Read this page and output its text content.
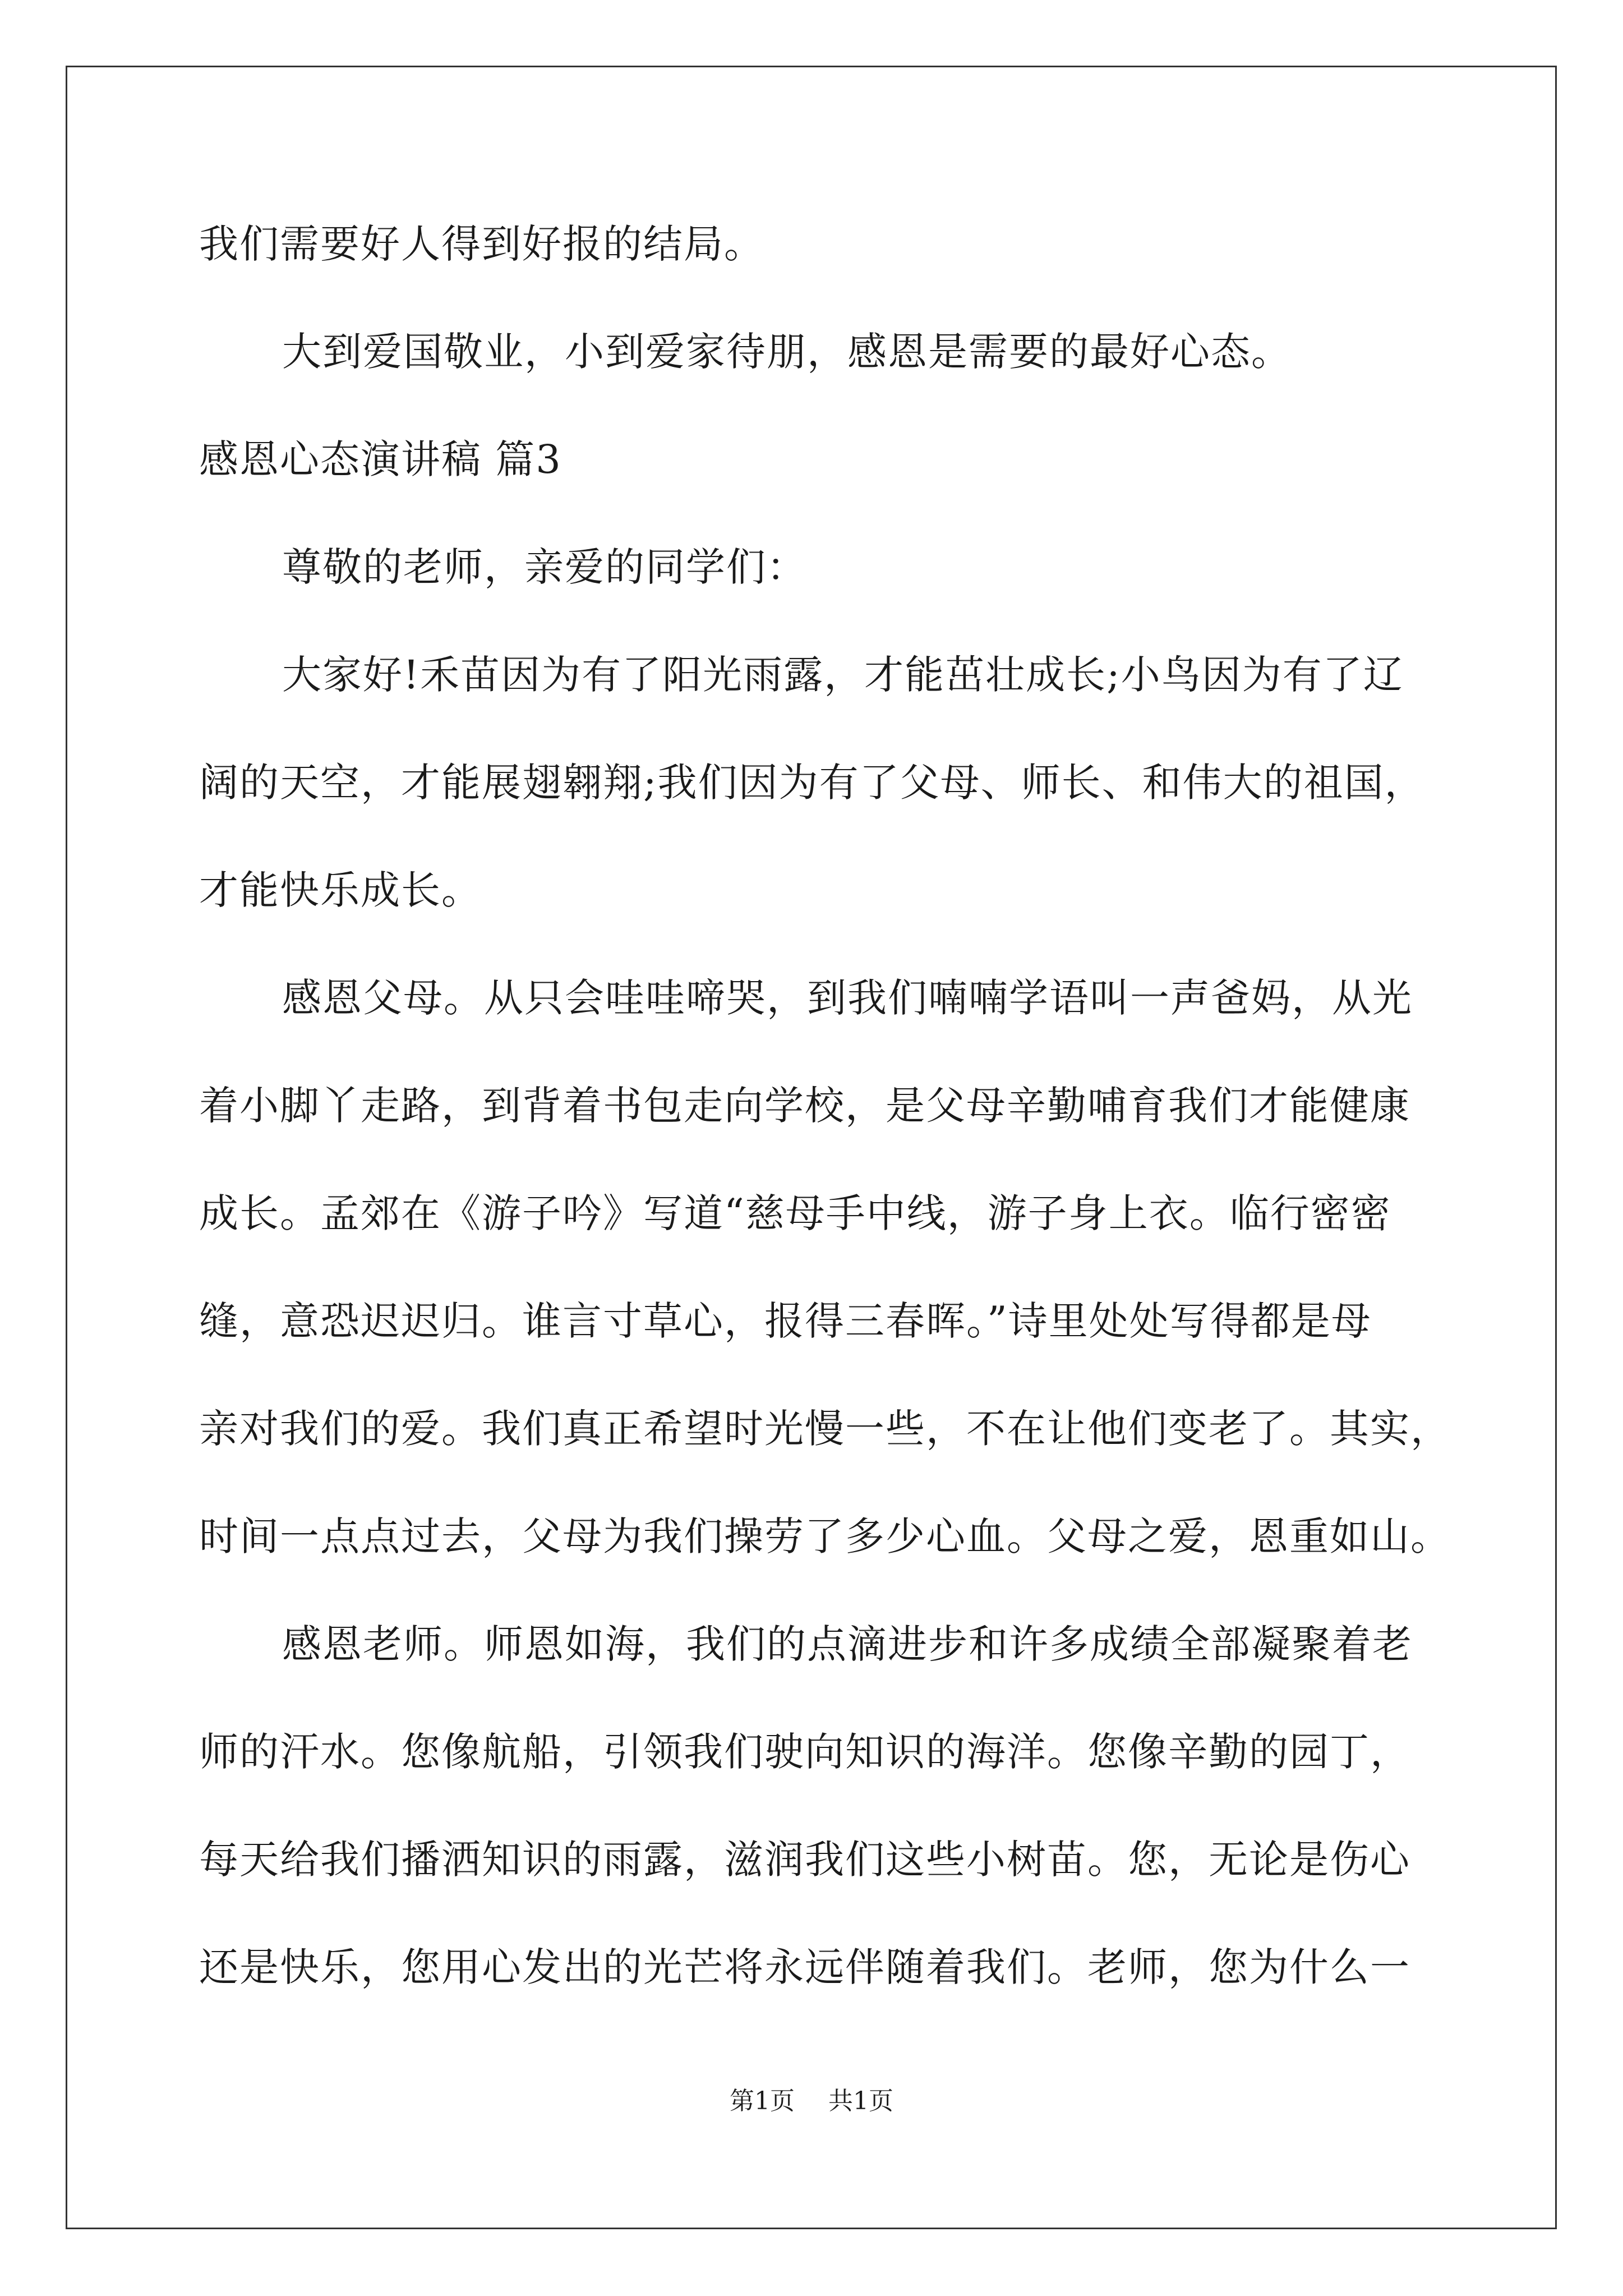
我们需要好人得到好报的结局。
大到爱国敬业，小到爱家待朋，感恩是需要的最好心态。
感恩心态演讲稿 篇3
尊敬的老师，亲爱的同学们：
大家好!禾苗因为有了阳光雨露，才能茁壮成长;小鸟因为有了辽
阔的天空，才能展翅翱翔;我们因为有了父母、师长、和伟大的祖国，
才能快乐成长。
感恩父母。从只会哇哇啼哭，到我们喃喃学语叫一声爸妈，从光
着小脚丫走路，到背着书包走向学校，是父母辛勤哺育我们才能健康
成长。孟郊在《游子吟》写道“慈母手中线，游子身上衣。临行密密
缝，意恐迟迟归。谁言寸草心，报得三春晖。”诗里处处写得都是母
亲对我们的爱。我们真正希望时光慢一些，不在让他们变老了。其实，
时间一点点过去，父母为我们操劳了多少心血。父母之爱，恩重如山。
感恩老师。师恩如海，我们的点滴进步和许多成绩全部凝聚着老
师的汗水。您像航船，引领我们驶向知识的海洋。您像辛勤的园丁，
每天给我们播洒知识的雨露，滋润我们这些小树苗。您，无论是伤心
还是快乐，您用心发出的光芒将永远伴随着我们。老师，您为什么一
第1页 共1页
